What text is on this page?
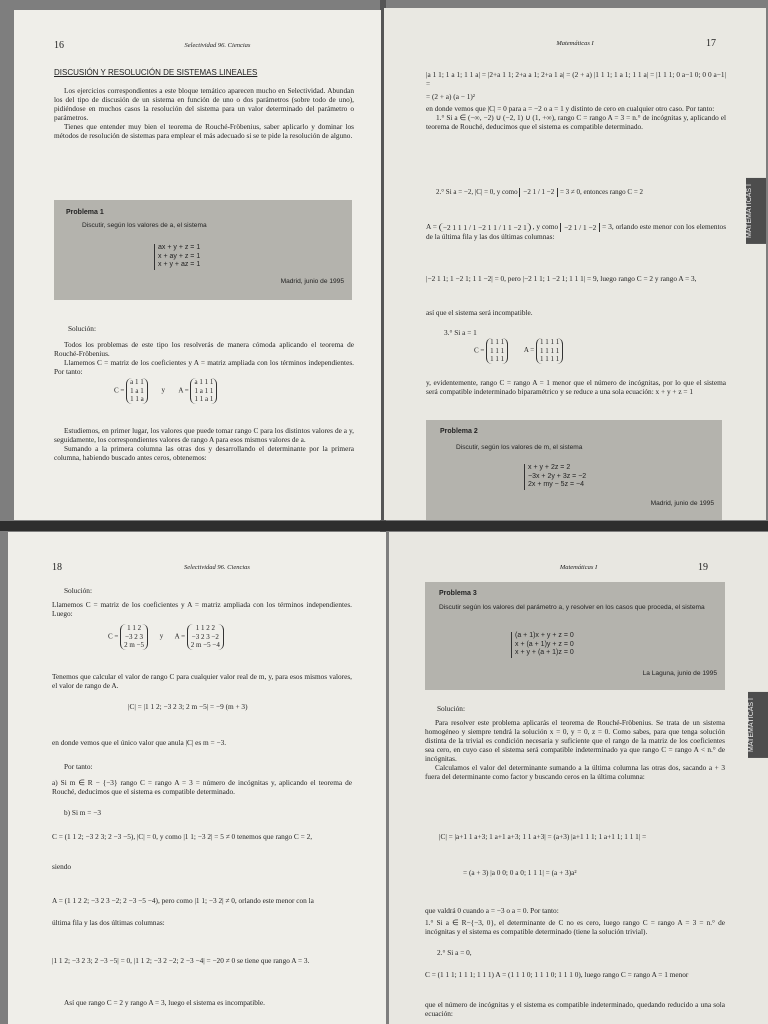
16	Selectividad 96. Ciencias
DISCUSIÓN Y RESOLUCIÓN DE SISTEMAS LINEALES

Los ejercicios correspondientes a este bloque temático aparecen mucho en Selectividad. Abundan los del tipo de discusión de un sistema en función de uno o dos parámetros (sobre todo de uno), pidiéndose en muchos casos la resolución del sistema para un valor determinado del parámetro o parámetros.

Tienes que entender muy bien el teorema de Rouché-Fröbenius, saber aplicarlo y dominar los métodos de resolución de sistemas para emplear el más adecuado si se te pide la resolución de alguno.

Problema 1
Discutir, según los valores de a, el sistema
ax + y + z = 1
x + ay + z = 1
x + y + az = 1
Madrid, junio de 1995
Solución:

Todos los problemas de este tipo los resolverás de manera cómoda aplicando el teorema de Rouché-Fröbenius.

Llamemos C = matriz de los coeficientes y A = matriz ampliada con los términos independientes. Por tanto:

C =
a 1 1
1 a 1
1 1 a
y A =
a 1 1 1
1 a 1 1
1 1 a 1

Estudiemos, en primer lugar, los valores que puede tomar rango C para los distintos valores de a y, seguidamente, los correspondientes valores de rango A para esos mismos valores de a.

Sumando a la primera columna las otras dos y desarrollando el determinante por la primera columna, habiendo buscado antes ceros, obtenemos:

Matemáticas I	17
MATEMÁTICAS I
|a 1 1; 1 a 1; 1 1 a| = |2+a 1 1; 2+a a 1; 2+a 1 a| = (2 + a) |1 1 1; 1 a 1; 1 1 a| = |1 1 1; 0 a−1 0; 0 0 a−1| =
= (2 + a) (a − 1)²

en donde vemos que |C| = 0 para a = −2 o a = 1 y distinto de cero en cualquier otro caso. Por tanto:

1.° Si a ∈ (−∞, −2) ∪ (−2, 1) ∪ (1, +∞), rango C = rango A = 3 = n.° de incógnitas y, aplicando el teorema de Rouché, deducimos que el sistema es compatible determinado.

2.° Si a = −2, |C| = 0, y como −2 1 / 1 −2 = 3 ≠ 0, entonces rango C = 2
A = −2 1 1 1 / 1 −2 1 1 / 1 1 −2 1 , y como −2 1 / 1 −2 = 3, orlando este menor con los elementos de la última fila y las dos últimas columnas:
|−2 1 1; 1 −2 1; 1 1 −2| = 0, pero |−2 1 1; 1 −2 1; 1 1 1| = 9, luego rango C = 2 y rango A = 3,
así que el sistema será incompatible.
3.° Si a = 1
C =
1 1 1
1 1 1
1 1 1
A =
1 1 1 1
1 1 1 1
1 1 1 1
y, evidentemente, rango C = rango A = 1 menor que el número de incógnitas, por lo que el sistema será compatible indeterminado biparamétrico y se reduce a una sola ecuación: x + y + z = 1
Problema 2
Discutir, según los valores de m, el sistema
x + y + 2z = 2
−3x + 2y + 3z = −2
2x + my − 5z = −4
Madrid, junio de 1995
18	Selectividad 96. Ciencias
Solución:
Llamemos C = matriz de los coeficientes y A = matriz ampliada con los términos independientes. Luego:
C =
1 1 2
−3 2 3
2 m −5
y A =
1 1 2 2
−3 2 3 −2
2 m −5 −4
Tenemos que calcular el valor de rango C para cualquier valor real de m, y, para esos mismos valores, el valor de rango de A.
|C| = |1 1 2; −3 2 3; 2 m −5| = −9 (m + 3)
en donde vemos que el único valor que anula |C| es m = −3.
Por tanto:
a) Si m ∈ R − {−3} rango C = rango A = 3 = número de incógnitas y, aplicando el teorema de Rouché, deducimos que el sistema es compatible determinado.
b) Si m = −3
C = (1 1 2; −3 2 3; 2 −3 −5), |C| = 0, y como |1 1; −3 2| = 5 ≠ 0 tenemos que rango C = 2,
siendo
A = (1 1 2 2; −3 2 3 −2; 2 −3 −5 −4), pero como |1 1; −3 2| ≠ 0, orlando este menor con la
última fila y las dos últimas columnas:
|1 1 2; −3 2 3; 2 −3 −5| = 0, |1 1 2; −3 2 −2; 2 −3 −4| = −20 ≠ 0 se tiene que rango A = 3.
Así que rango C = 2 y rango A = 3, luego el sistema es incompatible.
Matemáticas I	19
MATEMÁTICAS I
Problema 3
Discutir según los valores del parámetro a, y resolver en los casos que proceda, el sistema
(a + 1)x + y + z = 0
x + (a + 1)y + z = 0
x + y + (a + 1)z = 0
La Laguna, junio de 1995
Solución:

Para resolver este problema aplicarás el teorema de Rouché-Fröbenius. Se trata de un sistema homogéneo y siempre tendrá la solución x = 0, y = 0, z = 0. Como sabes, para que tenga solución distinta de la trivial es condición necesaria y suficiente que el rango de la matriz de los coeficientes sea cero, en cuyo caso el sistema será compatible indeterminado ya que rango C = rango A < n.° de incógnitas.

Calculamos el valor del determinante sumando a la última columna las otras dos, sacando a + 3 fuera del determinante como factor y buscando ceros en la última columna:

|C| = |a+1 1 a+3; 1 a+1 a+3; 1 1 a+3| = (a+3) |a+1 1 1; 1 a+1 1; 1 1 1| =
= (a + 3) |a 0 0; 0 a 0; 1 1 1| = (a + 3)a²
que valdrá 0 cuando a = −3 o a = 0. Por tanto:
1.° Si a ∈ R−{−3, 0}, el determinante de C no es cero, luego rango C = rango A = 3 = n.° de incógnitas y el sistema es compatible determinado (tiene la solución trivial).
2.° Si a = 0,
C = (1 1 1; 1 1 1; 1 1 1) A = (1 1 1 0; 1 1 1 0; 1 1 1 0), luego rango C = rango A = 1 menor
que el número de incógnitas y el sistema es compatible indeterminado, quedando reducido a una sola ecuación:
